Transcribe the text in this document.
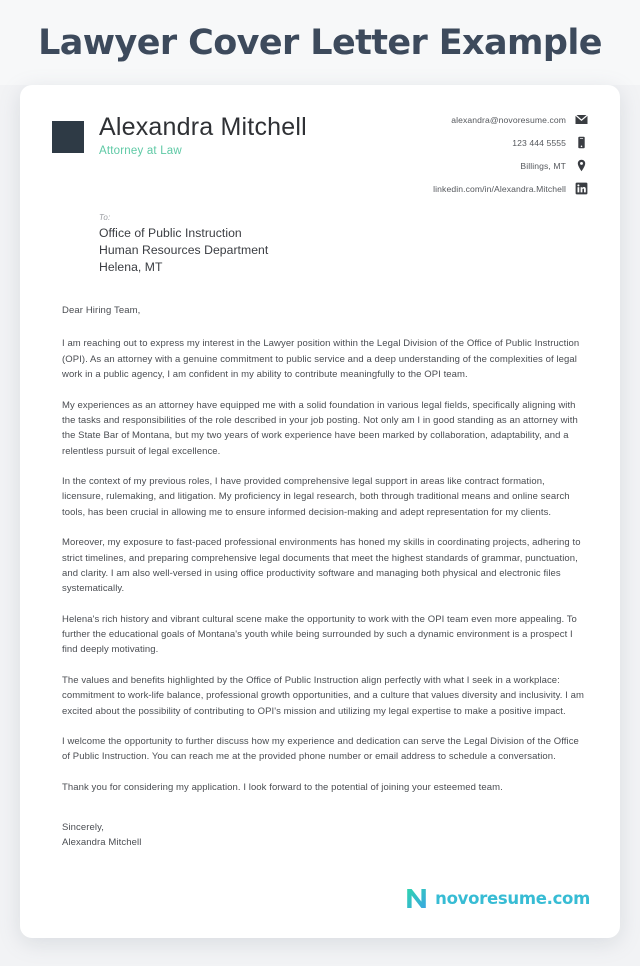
Lawyer Cover Letter Example
Alexandra Mitchell
Attorney at Law
alexandra@novoresume.com
123 444 5555
Billings, MT
linkedin.com/in/Alexandra.Mitchell
To:
Office of Public Instruction
Human Resources Department
Helena, MT
Dear Hiring Team,

I am reaching out to express my interest in the Lawyer position within the Legal Division of the Office of Public Instruction (OPI). As an attorney with a genuine commitment to public service and a deep understanding of the complexities of legal work in a public agency, I am confident in my ability to contribute meaningfully to the OPI team.

My experiences as an attorney have equipped me with a solid foundation in various legal fields, specifically aligning with the tasks and responsibilities of the role described in your job posting. Not only am I in good standing as an attorney with the State Bar of Montana, but my two years of work experience have been marked by collaboration, adaptability, and a relentless pursuit of legal excellence.

In the context of my previous roles, I have provided comprehensive legal support in areas like contract formation, licensure, rulemaking, and litigation. My proficiency in legal research, both through traditional means and online search tools, has been crucial in allowing me to ensure informed decision-making and adept representation for my clients.

Moreover, my exposure to fast-paced professional environments has honed my skills in coordinating projects, adhering to strict timelines, and preparing comprehensive legal documents that meet the highest standards of grammar, punctuation, and clarity. I am also well-versed in using office productivity software and managing both physical and electronic files systematically.

Helena's rich history and vibrant cultural scene make the opportunity to work with the OPI team even more appealing. To further the educational goals of Montana's youth while being surrounded by such a dynamic environment is a prospect I find deeply motivating.

The values and benefits highlighted by the Office of Public Instruction align perfectly with what I seek in a workplace: commitment to work-life balance, professional growth opportunities, and a culture that values diversity and inclusivity. I am excited about the possibility of contributing to OPI's mission and utilizing my legal expertise to make a positive impact.

I welcome the opportunity to further discuss how my experience and dedication can serve the Legal Division of the Office of Public Instruction. You can reach me at the provided phone number or email address to schedule a conversation.

Thank you for considering my application. I look forward to the potential of joining your esteemed team.

Sincerely,
Alexandra Mitchell
novoresume.com
